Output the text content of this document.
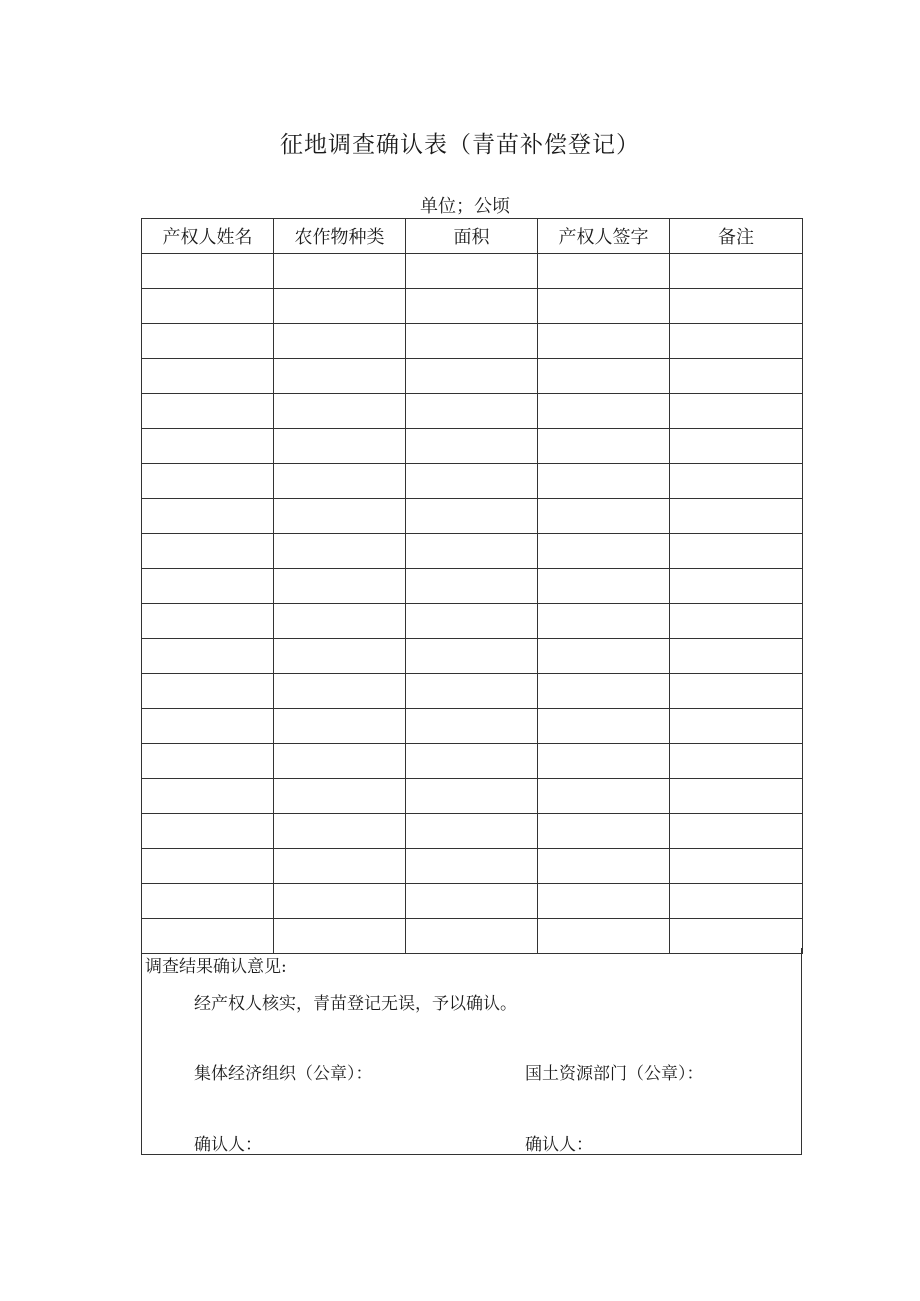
征地调查确认表（青苗补偿登记）
单位；公顷
产权人姓名	农作物种类	面积	产权人签字	备注

调查结果确认意见:
经产权人核实，青苗登记无误，予以确认。
集体经济组织（公章）：	国土资源部门（公章）：
确认人：	确认人：
